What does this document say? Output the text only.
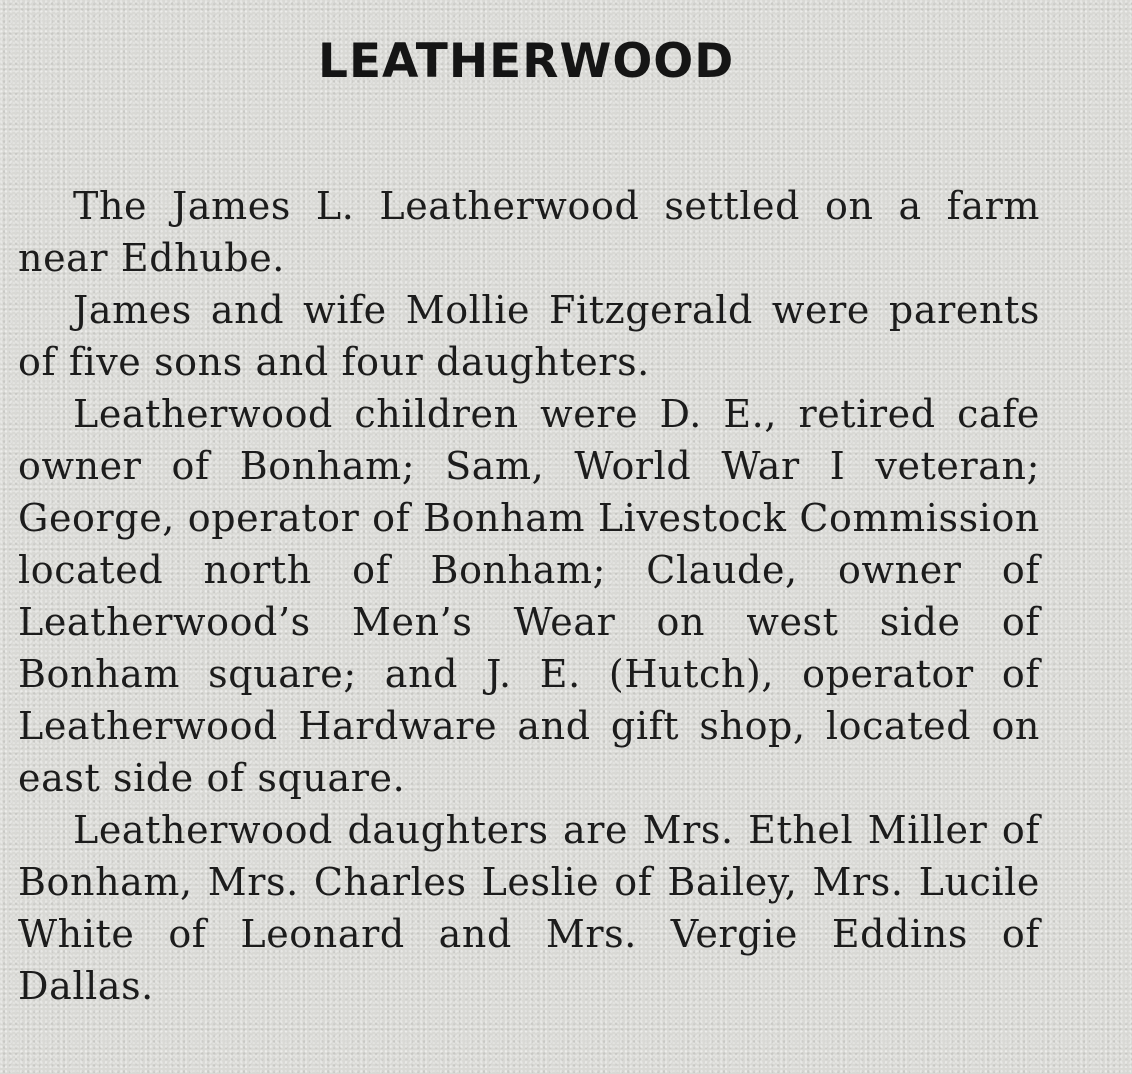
LEATHERWOOD

The James L. Leatherwood settled on a farm near Edhube.

James and wife Mollie Fitzgerald were parents of five sons and four daughters.

Leatherwood children were D. E., retired cafe owner of Bonham; Sam, World War I veteran; George, operator of Bonham Livestock Commission located north of Bonham; Claude, owner of Leatherwood’s Men’s Wear on west side of Bonham square; and J. E. (Hutch), operator of Leatherwood Hardware and gift shop, located on east side of square.

Leatherwood daughters are Mrs. Ethel Miller of Bonham, Mrs. Charles Leslie of Bailey, Mrs. Lucile White of Leonard and Mrs. Vergie Eddins of Dallas.
